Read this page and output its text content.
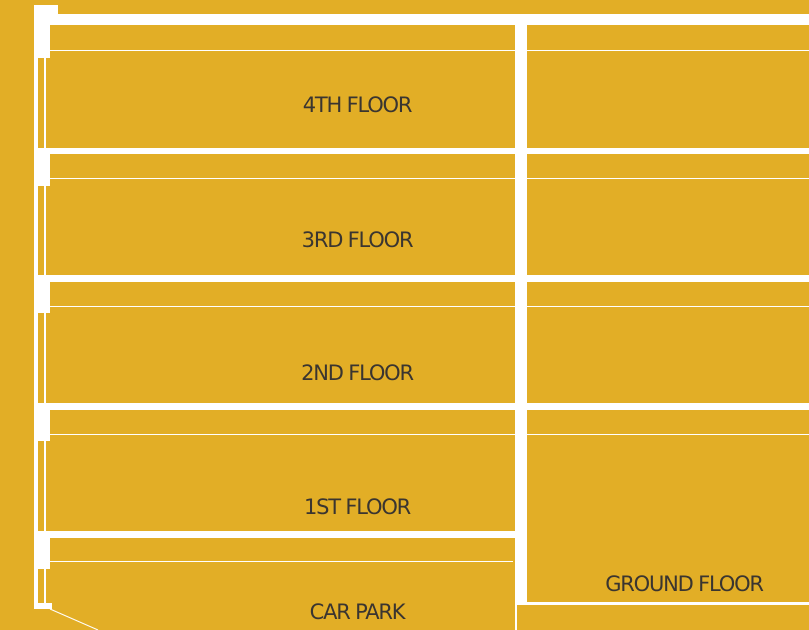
4TH FLOOR
3RD FLOOR
2ND FLOOR
1ST FLOOR
GROUND FLOOR
CAR PARK
